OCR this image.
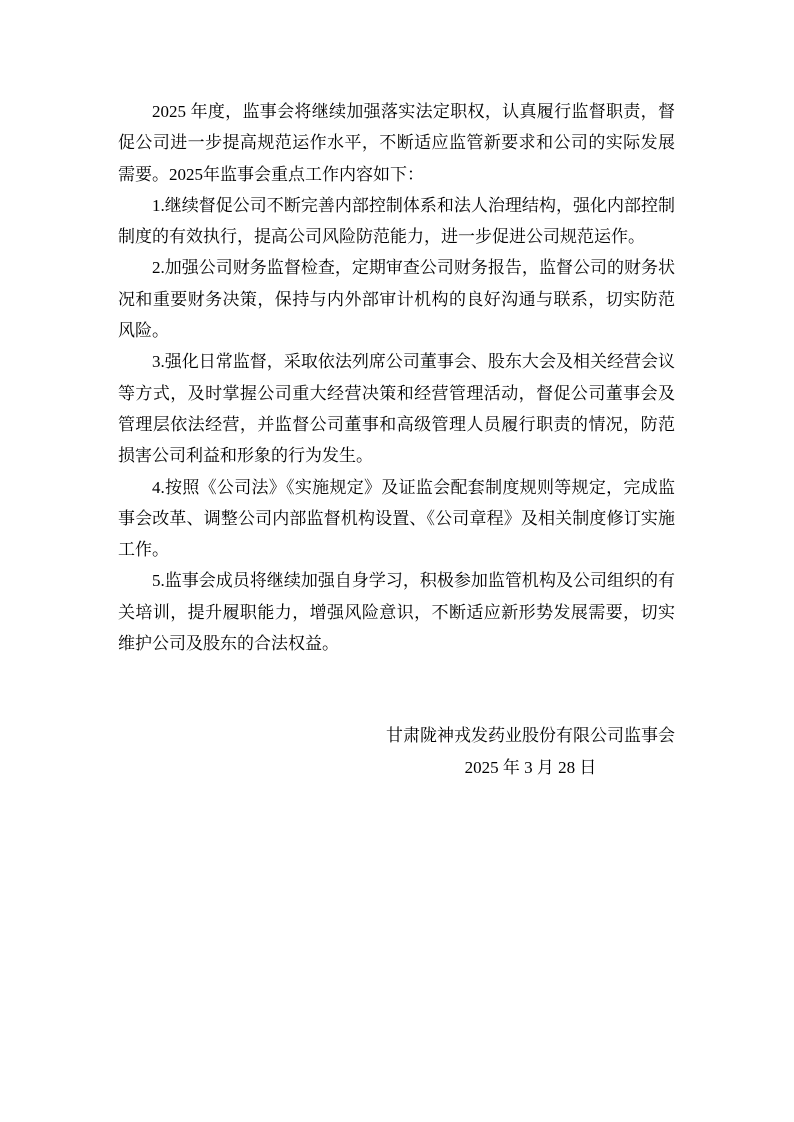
2025 年度，监事会将继续加强落实法定职权，认真履行监督职责，督促公司进一步提高规范运作水平，不断适应监管新要求和公司的实际发展需要。2025年监事会重点工作内容如下：

1.继续督促公司不断完善内部控制体系和法人治理结构，强化内部控制制度的有效执行，提高公司风险防范能力，进一步促进公司规范运作。

2.加强公司财务监督检查，定期审查公司财务报告，监督公司的财务状况和重要财务决策，保持与内外部审计机构的良好沟通与联系，切实防范风险。

3.强化日常监督，采取依法列席公司董事会、股东大会及相关经营会议等方式，及时掌握公司重大经营决策和经营管理活动，督促公司董事会及管理层依法经营，并监督公司董事和高级管理人员履行职责的情况，防范损害公司利益和形象的行为发生。

4.按照《公司法》《实施规定》及证监会配套制度规则等规定，完成监事会改革、调整公司内部监督机构设置、《公司章程》及相关制度修订实施工作。

5.监事会成员将继续加强自身学习，积极参加监管机构及公司组织的有关培训，提升履职能力，增强风险意识，不断适应新形势发展需要，切实维护公司及股东的合法权益。

甘肃陇神戎发药业股份有限公司监事会
2025 年 3 月 28 日
